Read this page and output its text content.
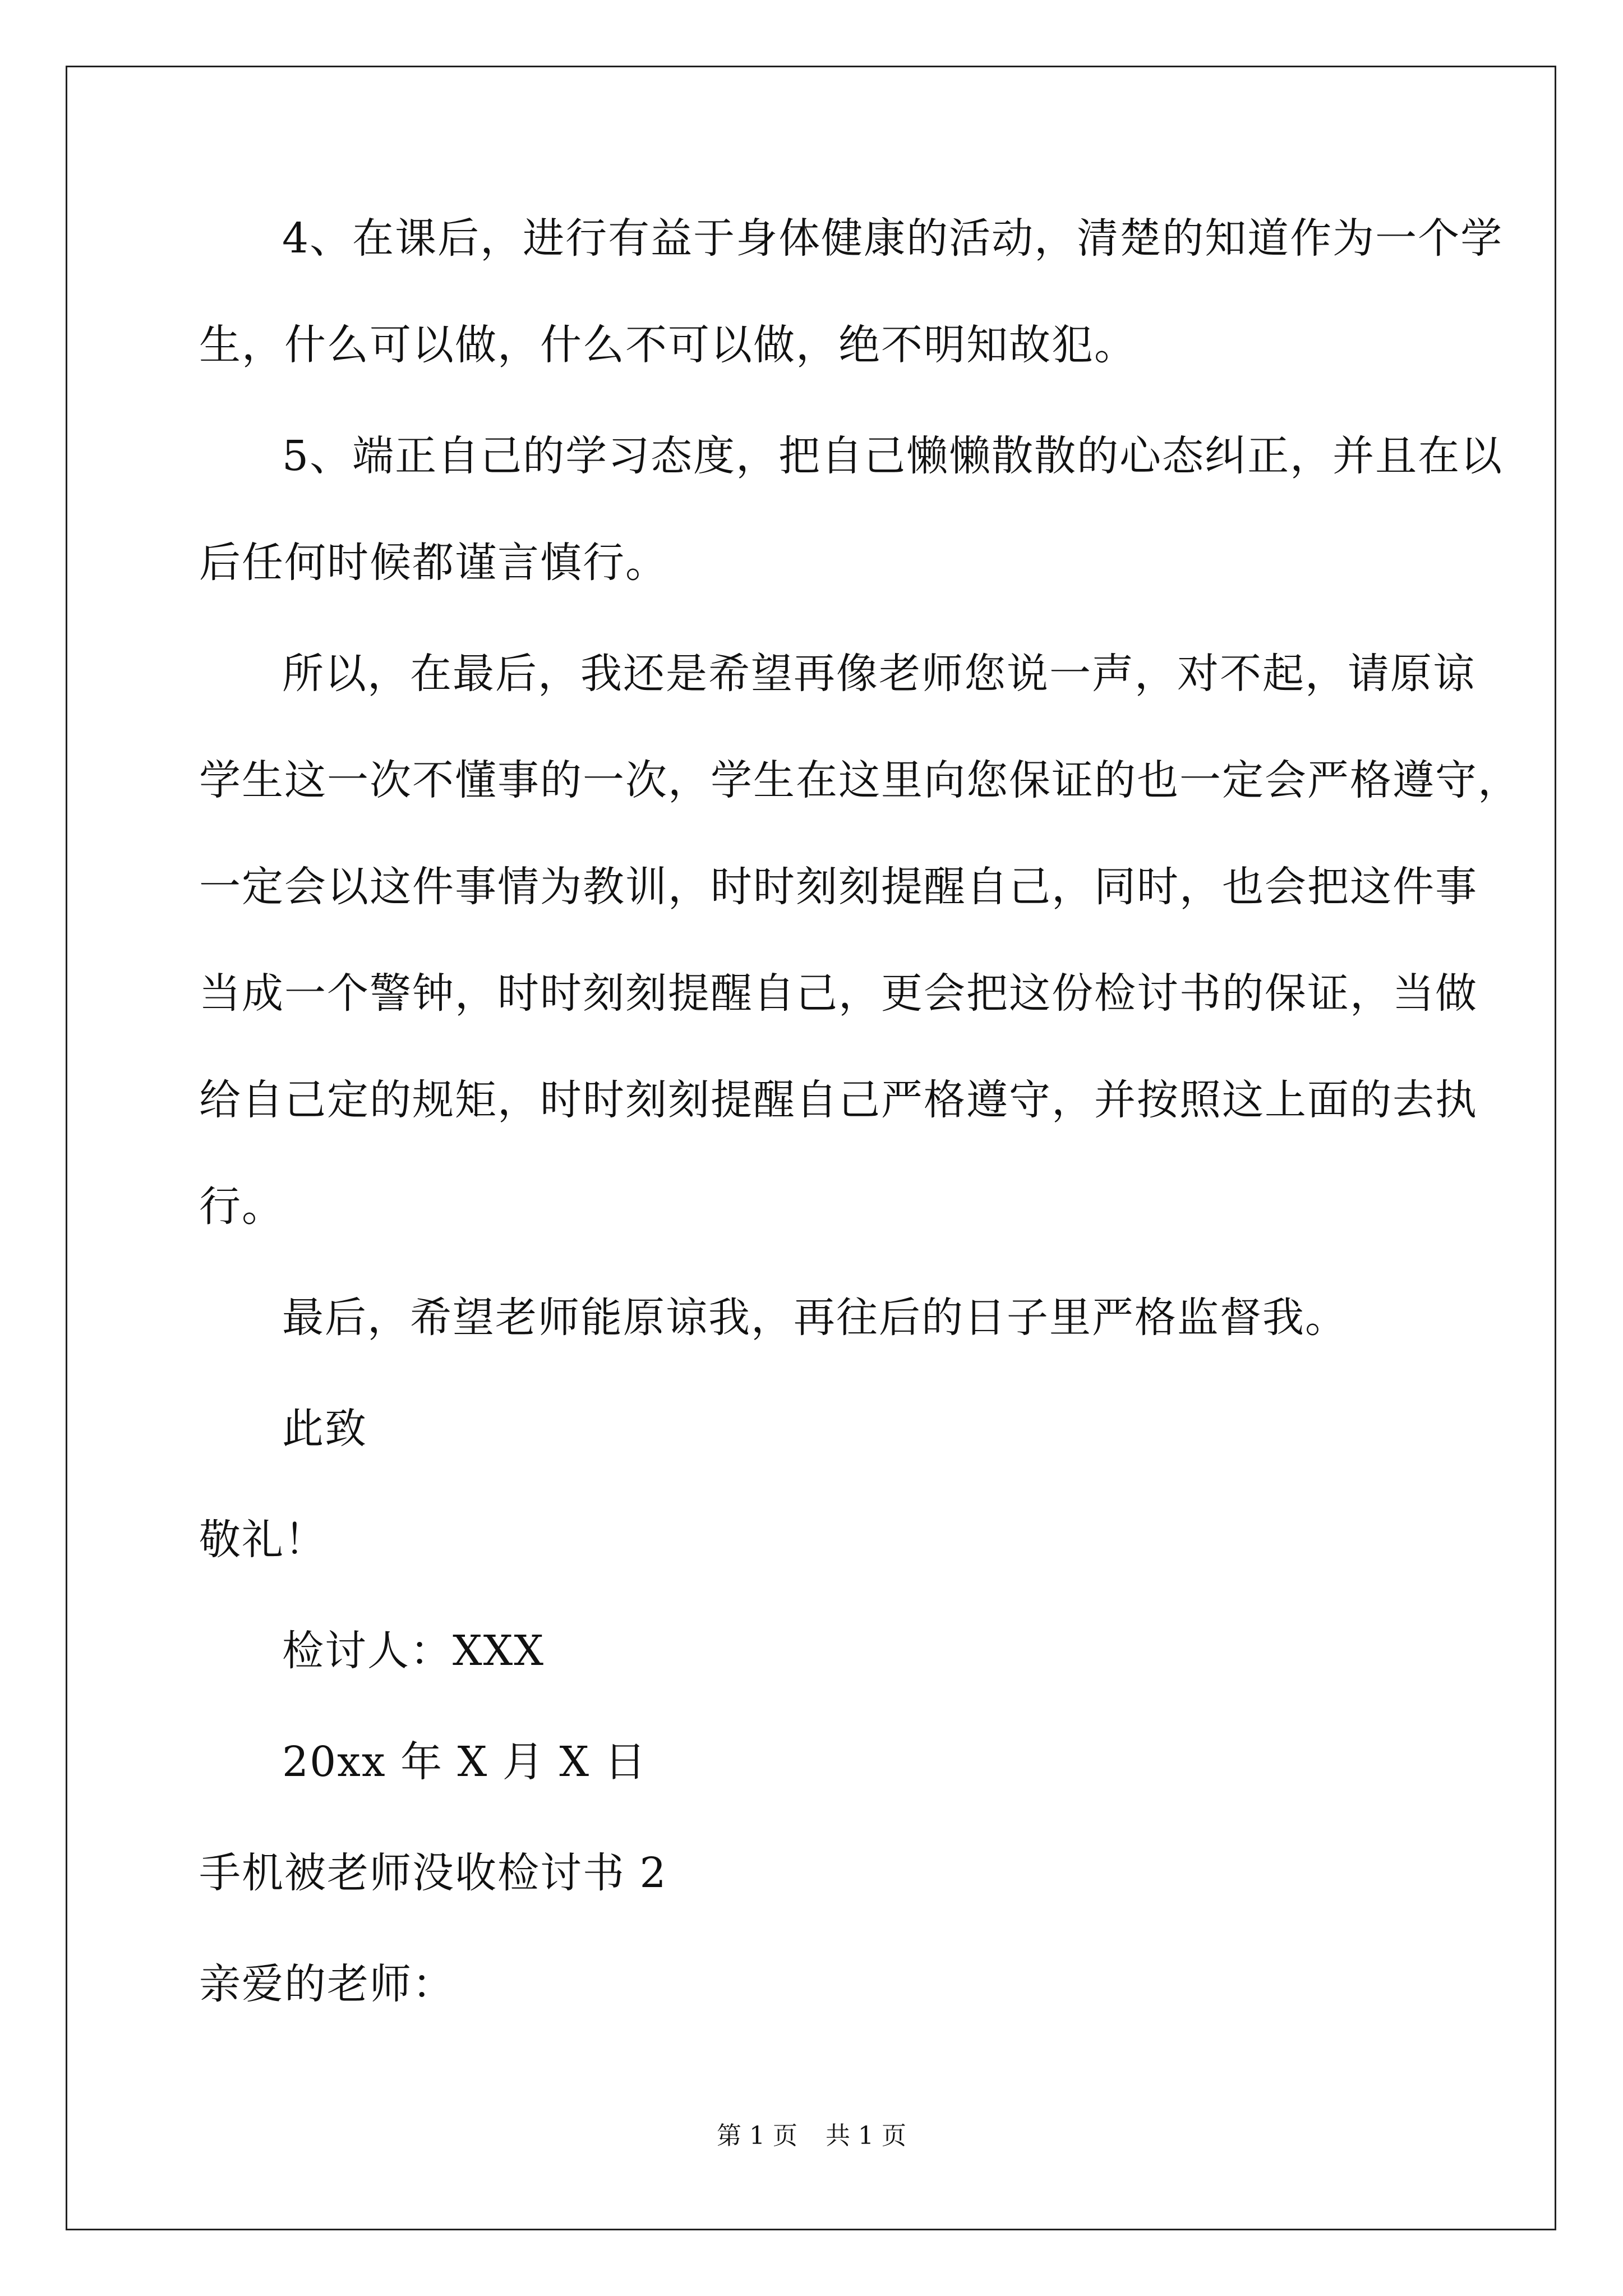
4、在课后，进行有益于身体健康的活动，清楚的知道作为一个学
生，什么可以做，什么不可以做，绝不明知故犯。
5、端正自己的学习态度，把自己懒懒散散的心态纠正，并且在以
后任何时候都谨言慎行。
所以，在最后，我还是希望再像老师您说一声，对不起，请原谅
学生这一次不懂事的一次，学生在这里向您保证的也一定会严格遵守，
一定会以这件事情为教训，时时刻刻提醒自己，同时，也会把这件事
当成一个警钟，时时刻刻提醒自己，更会把这份检讨书的保证，当做
给自己定的规矩，时时刻刻提醒自己严格遵守，并按照这上面的去执
行。
最后，希望老师能原谅我，再往后的日子里严格监督我。
此致
敬礼！
检讨人：XXX
20xx 年 X 月 X 日
手机被老师没收检讨书 2
亲爱的老师：
第 1 页 共 1 页
